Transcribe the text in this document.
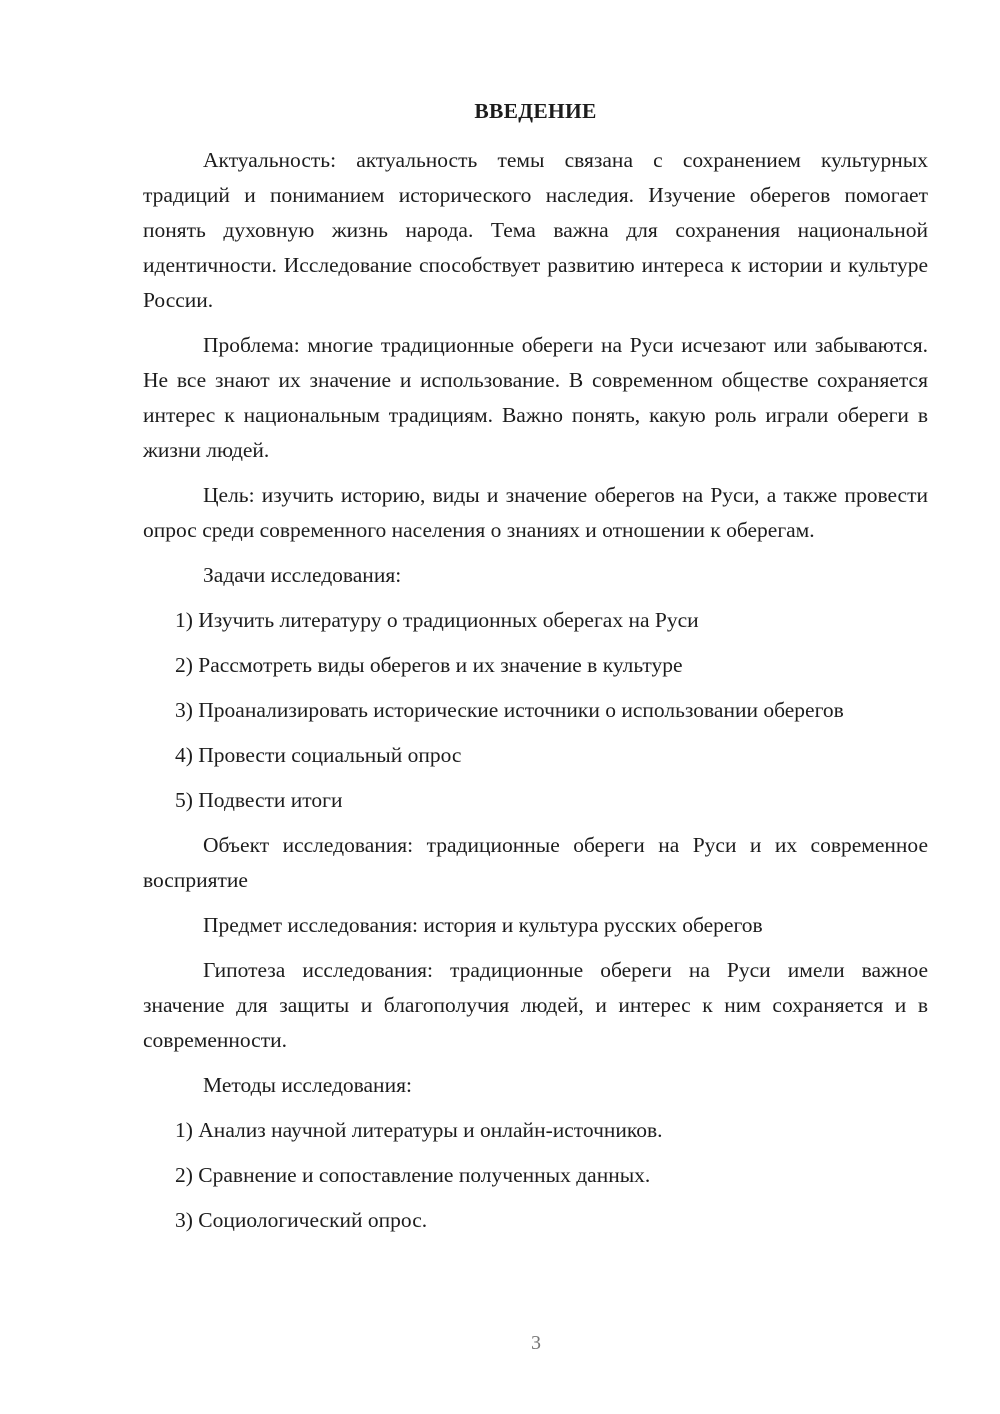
ВВЕДЕНИЕ

Актуальность: актуальность темы связана с сохранением культурных традиций и пониманием исторического наследия. Изучение оберегов помогает понять духовную жизнь народа. Тема важна для сохранения национальной идентичности. Исследование способствует развитию интереса к истории и культуре России.

Проблема: многие традиционные обереги на Руси исчезают или забываются. Не все знают их значение и использование. В современном обществе сохраняется интерес к национальным традициям. Важно понять, какую роль играли обереги в жизни людей.

Цель: изучить историю, виды и значение оберегов на Руси, а также провести опрос среди современного населения о знаниях и отношении к оберегам.

Задачи исследования:

1) Изучить литературу о традиционных оберегах на Руси

2) Рассмотреть виды оберегов и их значение в культуре

3) Проанализировать исторические источники о использовании оберегов

4) Провести социальный опрос

5) Подвести итоги

Объект исследования: традиционные обереги на Руси и их современное восприятие

Предмет исследования: история и культура русских оберегов

Гипотеза исследования: традиционные обереги на Руси имели важное значение для защиты и благополучия людей, и интерес к ним сохраняется и в современности.

Методы исследования:

1) Анализ научной литературы и онлайн-источников.

2) Сравнение и сопоставление полученных данных.

3) Социологический опрос.

3
